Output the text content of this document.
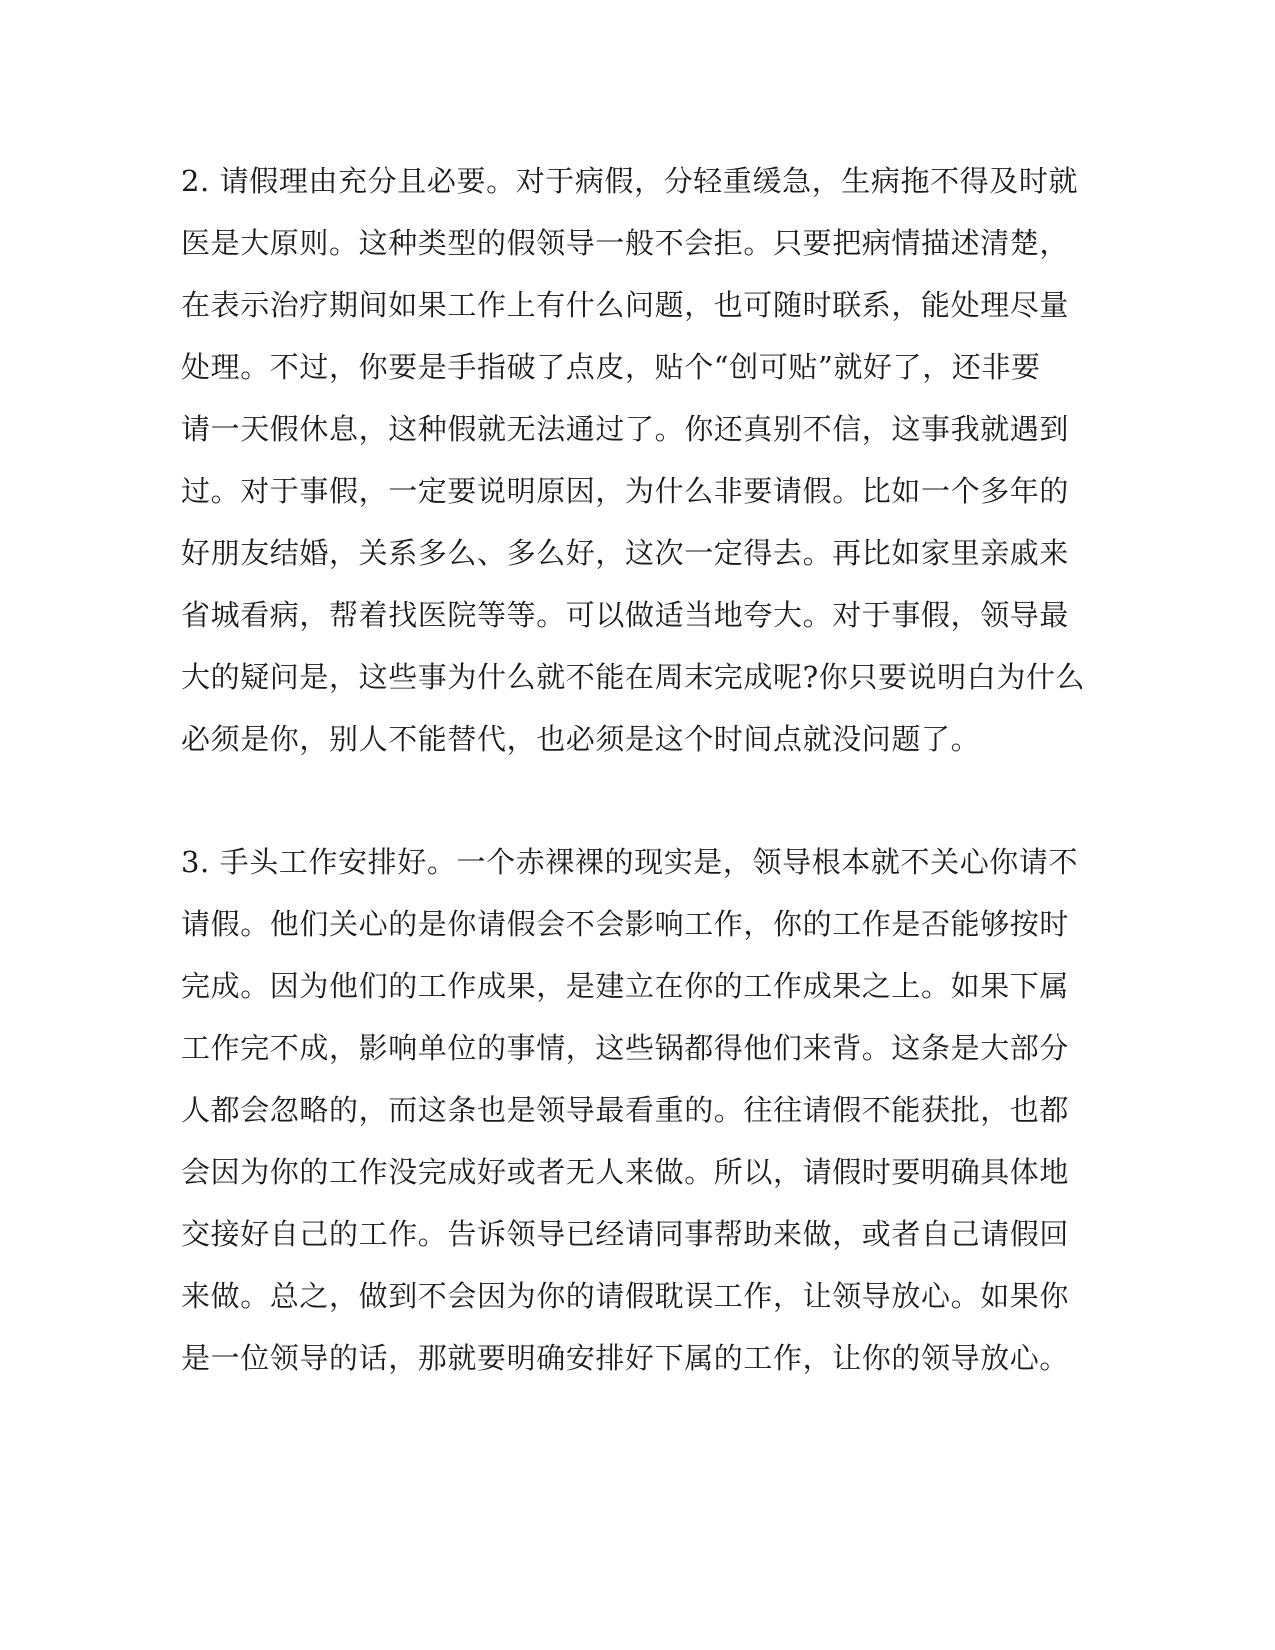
2. 请假理由充分且必要。对于病假，分轻重缓急，生病拖不得及时就
医是大原则。这种类型的假领导一般不会拒。只要把病情描述清楚，
在表示治疗期间如果工作上有什么问题，也可随时联系，能处理尽量
处理。不过，你要是手指破了点皮，贴个“创可贴”就好了，还非要
请一天假休息，这种假就无法通过了。你还真别不信，这事我就遇到
过。对于事假，一定要说明原因，为什么非要请假。比如一个多年的
好朋友结婚，关系多么、多么好，这次一定得去。再比如家里亲戚来
省城看病，帮着找医院等等。可以做适当地夸大。对于事假，领导最
大的疑问是，这些事为什么就不能在周末完成呢?你只要说明白为什么
必须是你，别人不能替代，也必须是这个时间点就没问题了。
3. 手头工作安排好。一个赤裸裸的现实是，领导根本就不关心你请不
请假。他们关心的是你请假会不会影响工作，你的工作是否能够按时
完成。因为他们的工作成果，是建立在你的工作成果之上。如果下属
工作完不成，影响单位的事情，这些锅都得他们来背。这条是大部分
人都会忽略的，而这条也是领导最看重的。往往请假不能获批，也都
会因为你的工作没完成好或者无人来做。所以，请假时要明确具体地
交接好自己的工作。告诉领导已经请同事帮助来做，或者自己请假回
来做。总之，做到不会因为你的请假耽误工作，让领导放心。如果你
是一位领导的话，那就要明确安排好下属的工作，让你的领导放心。
